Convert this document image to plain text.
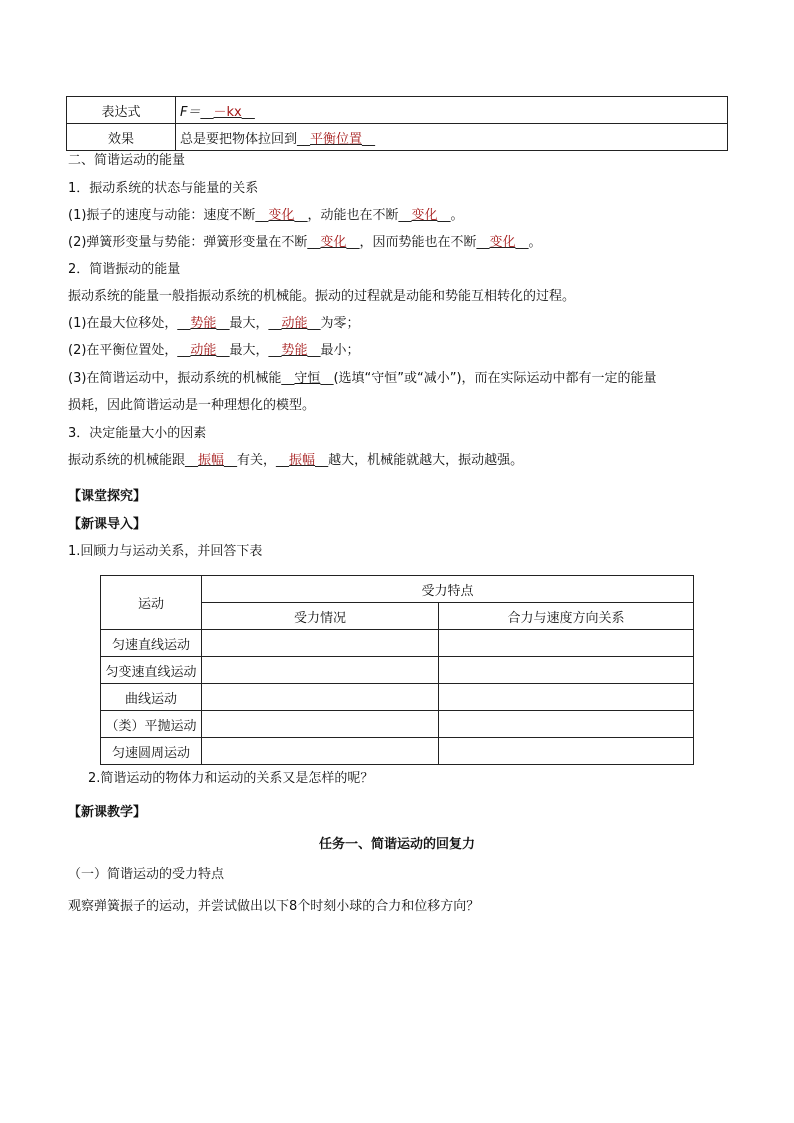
表达式	F＝__－kx__
效果	总是要把物体拉回到__平衡位置__
二、简谐运动的能量
1．振动系统的状态与能量的关系
(1)振子的速度与动能：速度不断__变化__，动能也在不断__变化__。
(2)弹簧形变量与势能：弹簧形变量在不断__变化__，因而势能也在不断__变化__。
2．简谐振动的能量
振动系统的能量一般指振动系统的机械能。振动的过程就是动能和势能互相转化的过程。
(1)在最大位移处，__势能__最大，__动能__为零；
(2)在平衡位置处，__动能__最大，__势能__最小；
(3)在简谐运动中，振动系统的机械能__守恒__(选填“守恒”或“减小”)，而在实际运动中都有一定的能量
损耗，因此简谐运动是一种理想化的模型。
3．决定能量大小的因素
振动系统的机械能跟__振幅__有关，__振幅__越大，机械能就越大，振动越强。
【课堂探究】
【新课导入】
1.回顾力与运动关系，并回答下表
运动	受力特点	
	受力情况	合力与速度方向关系
匀速直线运动		
匀变速直线运动		
曲线运动		
（类）平抛运动		
匀速圆周运动		
2.简谐运动的物体力和运动的关系又是怎样的呢？
【新课教学】
任务一、简谐运动的回复力
（一）简谐运动的受力特点
观察弹簧振子的运动，并尝试做出以下8个时刻小球的合力和位移方向？
